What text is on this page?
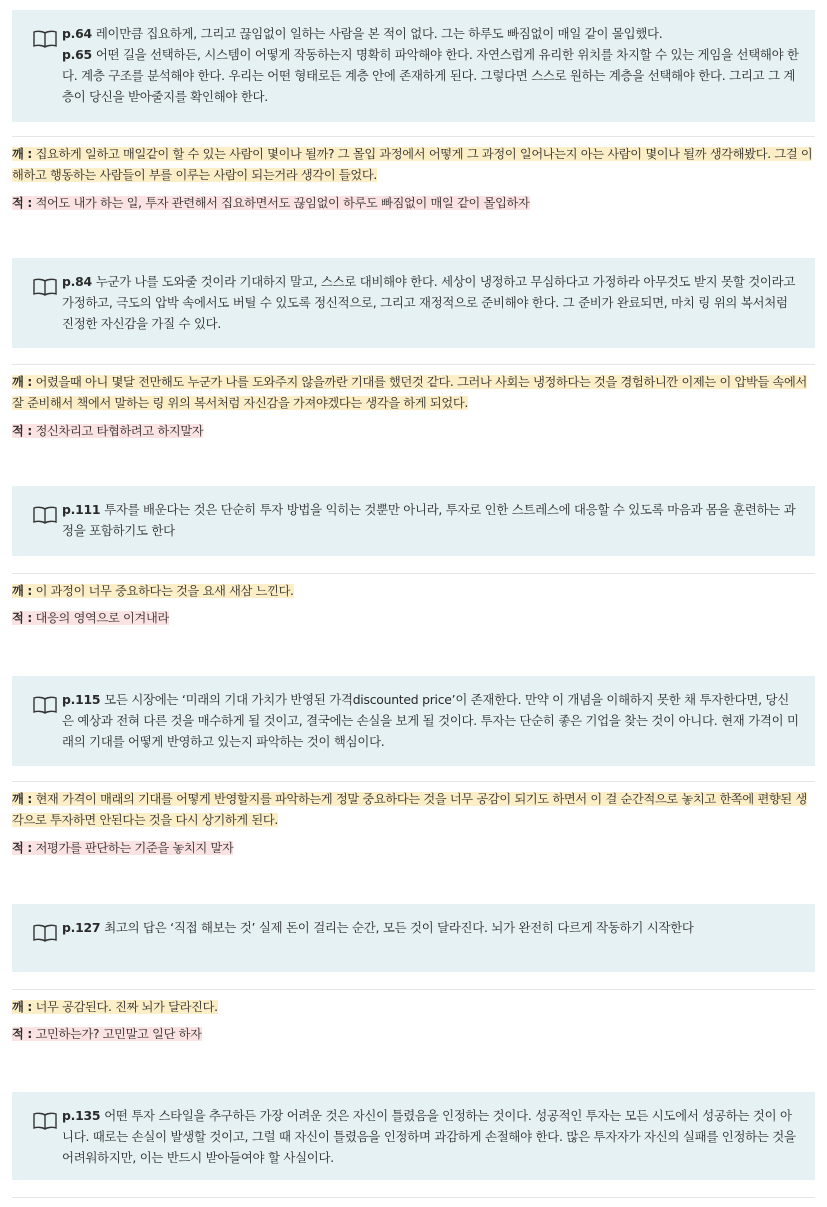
p.64 레이만큼 집요하게, 그리고 끊임없이 일하는 사람을 본 적이 없다. 그는 하루도 빠짐없이 매일 같이 몰입했다.

p.65 어떤 길을 선택하든, 시스템이 어떻게 작동하는지 명확히 파악해야 한다. 자연스럽게 유리한 위치를 차지할 수 있는 게임을 선택해야 한다. 계층 구조를 분석해야 한다. 우리는 어떤 형태로든 계층 안에 존재하게 된다. 그렇다면 스스로 원하는 계층을 선택해야 한다. 그리고 그 계층이 당신을 받아줄지를 확인해야 한다.

깨 : 집요하게 일하고 매일같이 할 수 있는 사람이 몇이나 될까? 그 몰입 과정에서 어떻게 그 과정이 일어나는지 아는 사람이 몇이나 될까 생각해봤다. 그걸 이해하고 행동하는 사람들이 부를 이루는 사람이 되는거라 생각이 들었다.
적 : 적어도 내가 하는 일, 투자 관련해서 집요하면서도 끊임없이 하루도 빠짐없이 매일 같이 몰입하자

p.84 누군가 나를 도와줄 것이라 기대하지 말고, 스스로 대비해야 한다. 세상이 냉정하고 무심하다고 가정하라 아무것도 받지 못할 것이라고 가정하고, 극도의 압박 속에서도 버틸 수 있도록 정신적으로, 그리고 재정적으로 준비해야 한다. 그 준비가 완료되면, 마치 링 위의 복서처럼 진정한 자신감을 가질 수 있다.

깨 : 어렸을때 아니 몇달 전만해도 누군가 나를 도와주지 않을까란 기대를 했던것 같다. 그러나 사회는 냉정하다는 것을 경험하니깐 이제는 이 압박들 속에서 잘 준비해서 책에서 말하는 링 위의 복서처럼 자신감을 가져야겠다는 생각을 하게 되었다.
적 : 정신차리고 타협하려고 하지말자

p.111 투자를 배운다는 것은 단순히 투자 방법을 익히는 것뿐만 아니라, 투자로 인한 스트레스에 대응할 수 있도록 마음과 몸을 훈련하는 과정을 포함하기도 한다

깨 : 이 과정이 너무 중요하다는 것을 요새 새삼 느낀다.
적 : 대응의 영역으로 이겨내라

p.115 모든 시장에는 ‘미래의 기대 가치가 반영된 가격discounted price’이 존재한다. 만약 이 개념을 이해하지 못한 채 투자한다면, 당신은 예상과 전혀 다른 것을 매수하게 될 것이고, 결국에는 손실을 보게 될 것이다. 투자는 단순히 좋은 기업을 찾는 것이 아니다. 현재 가격이 미래의 기대를 어떻게 반영하고 있는지 파악하는 것이 핵심이다.

깨 : 현재 가격이 매래의 기대를 어떻게 반영할지를 파악하는게 정말 중요하다는 것을 너무 공감이 되기도 하면서 이 걸 순간적으로 놓치고 한쪽에 편향된 생각으로 투자하면 안된다는 것을 다시 상기하게 된다.
적 : 저평가를 판단하는 기준을 놓치지 말자

p.127 최고의 답은 ‘직접 해보는 것’ 실제 돈이 걸리는 순간, 모든 것이 달라진다. 뇌가 완전히 다르게 작동하기 시작한다

깨 : 너무 공감된다. 진짜 뇌가 달라진다.
적 : 고민하는가? 고민말고 일단 하자

p.135 어떤 투자 스타일을 추구하든 가장 어려운 것은 자신이 틀렸음을 인정하는 것이다. 성공적인 투자는 모든 시도에서 성공하는 것이 아니다. 때로는 손실이 발생할 것이고, 그럴 때 자신이 틀렸음을 인정하며 과감하게 손절해야 한다. 많은 투자자가 자신의 실패를 인정하는 것을 어려워하지만, 이는 반드시 받아들여야 할 사실이다.
